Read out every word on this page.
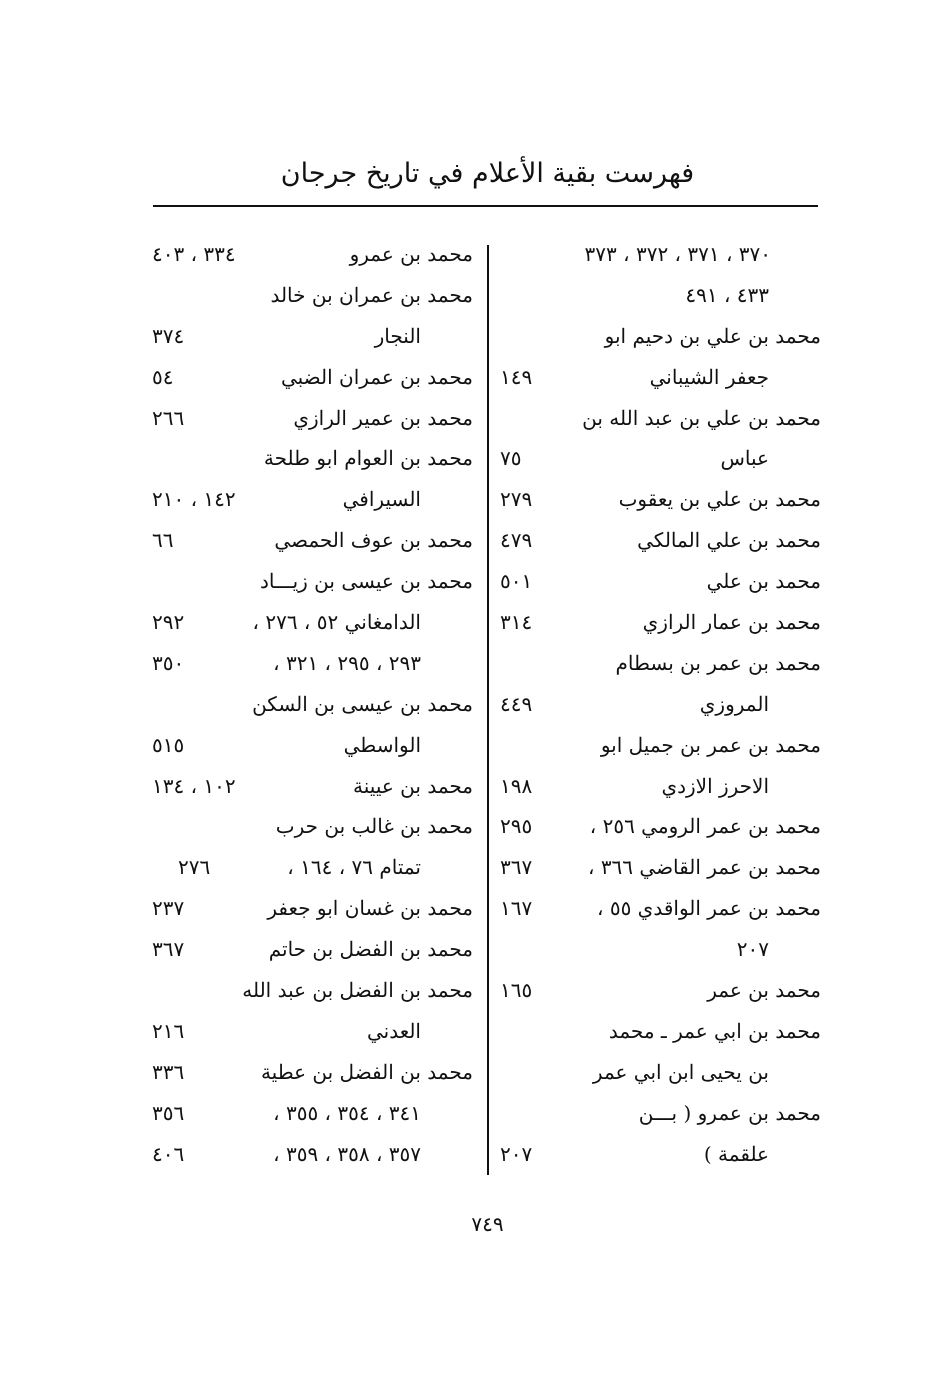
فهرست بقية الأعلام في تاريخ جرجان
٣٧٠ ، ٣٧١ ، ٣٧٢ ، ٣٧٣
٤٣٣ ، ٤٩١
محمد بن علي بن دحيم ابو
جعفر الشيباني
١٤٩
محمد بن علي بن عبد الله بن
عباس
٧٥
محمد بن علي بن يعقوب
٢٧٩
محمد بن علي المالكي
٤٧٩
محمد بن علي
٥٠١
محمد بن عمار الرازي
٣١٤
محمد بن عمر بن بسطام
المروزي
٤٤٩
محمد بن عمر بن جميل ابو
الاحرز الازدي
١٩٨
محمد بن عمر الرومي ٢٥٦ ،
٢٩٥
محمد بن عمر القاضي ٣٦٦ ،
٣٦٧
محمد بن عمر الواقدي ٥٥ ،
١٦٧
٢٠٧
محمد بن عمر
١٦٥
محمد بن ابي عمر ـ محمد
بن يحيى ابن ابي عمر
محمد بن عمرو ( بـــن
علقمة )
٢٠٧
محمد بن عمرو
٣٣٤ ، ٤٠٣
محمد بن عمران بن خالد
النجار
٣٧٤
محمد بن عمران الضبي
٥٤
محمد بن عمير الرازي
٢٦٦
محمد بن العوام ابو طلحة
السيرافي
١٤٢ ، ٢١٠
محمد بن عوف الحمصي
٦٦
محمد بن عيسى بن زيـــاد
الدامغاني ٥٢ ، ٢٧٦ ،
٢٩٢
٢٩٣ ، ٢٩٥ ، ٣٢١ ،
٣٥٠
محمد بن عيسى بن السكن
الواسطي
٥١٥
محمد بن عيينة
١٠٢ ، ١٣٤
محمد بن غالب بن حرب
تمتام ٧٦ ، ١٦٤ ،
٢٧٦
محمد بن غسان ابو جعفر
٢٣٧
محمد بن الفضل بن حاتم
٣٦٧
محمد بن الفضل بن عبد الله
العدني
٢١٦
محمد بن الفضل بن عطية
٣٣٦
٣٤١ ، ٣٥٤ ، ٣٥٥ ،
٣٥٦
٣٥٧ ، ٣٥٨ ، ٣٥٩ ،
٤٠٦
٧٤٩
